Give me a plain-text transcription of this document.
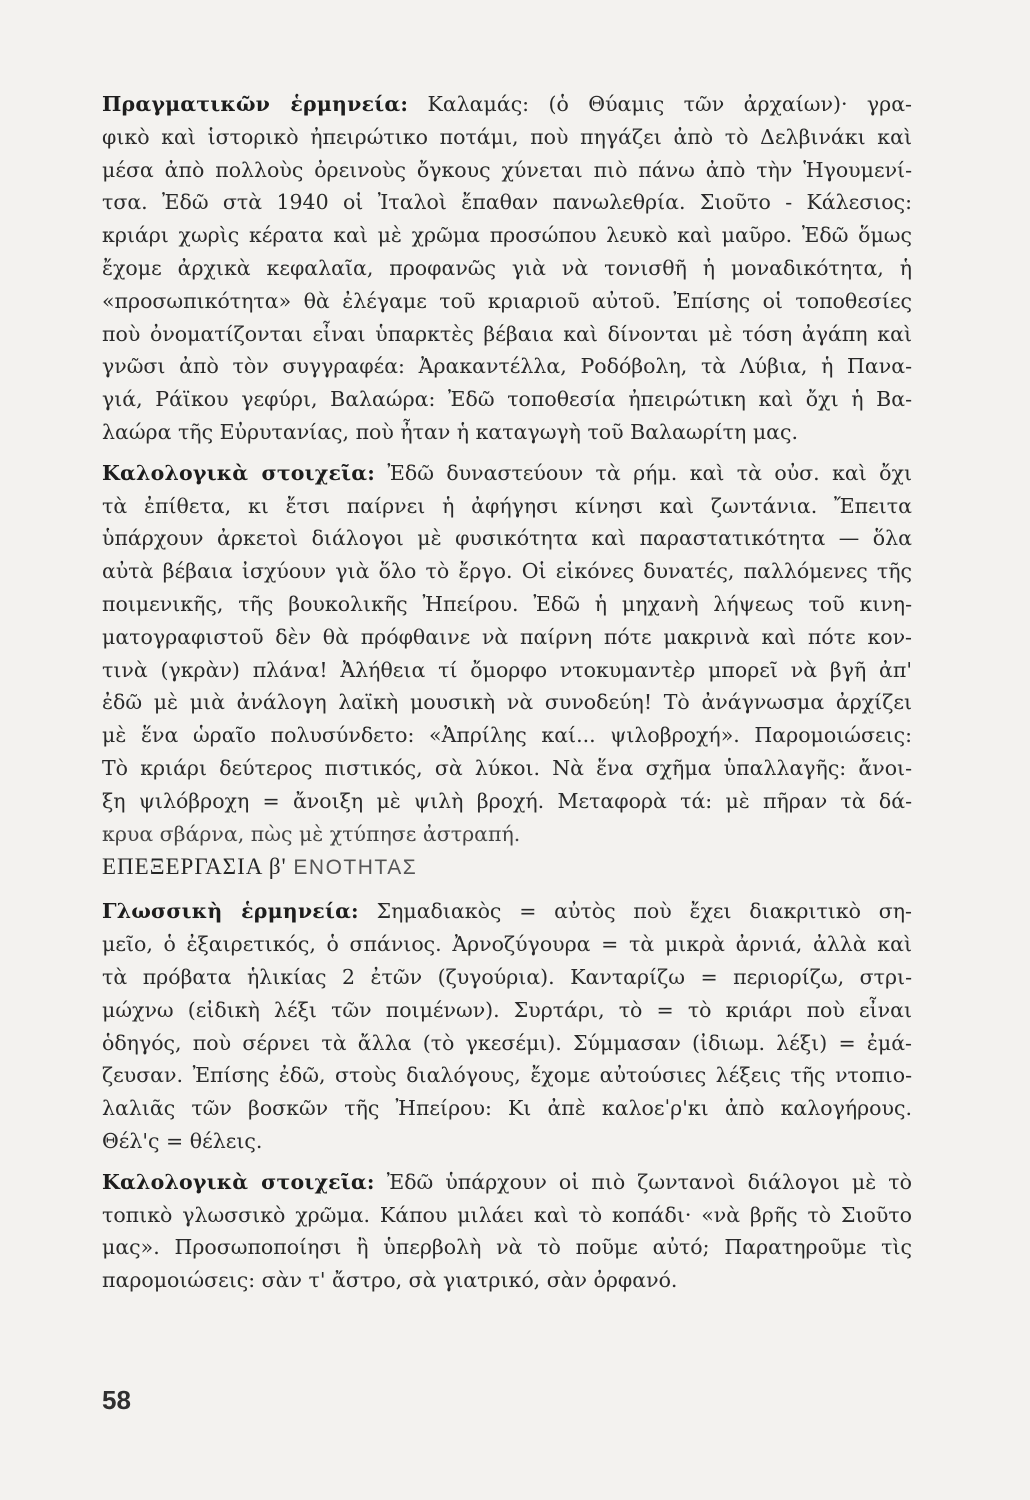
Πραγματικῶν ἑρμηνεία: Καλαμάς: (ὁ Θύαμις τῶν ἀρχαίων)· γρα-
φικὸ καὶ ἱστορικὸ ἠπειρώτικο ποτάμι, ποὺ πηγάζει ἀπὸ τὸ Δελβινάκι καὶ
μέσα ἀπὸ πολλοὺς ὀρεινοὺς ὄγκους χύνεται πιὸ πάνω ἀπὸ τὴν Ἡγουμενί-
τσα. Ἐδῶ στὰ 1940 οἱ Ἰταλοὶ ἔπαθαν πανωλεθρία. Σιοῦτο - Κάλεσιος:
κριάρι χωρὶς κέρατα καὶ μὲ χρῶμα προσώπου λευκὸ καὶ μαῦρο. Ἐδῶ ὅμως
ἔχομε ἀρχικὰ κεφαλαῖα, προφανῶς γιὰ νὰ τονισθῆ ἡ μοναδικότητα, ἡ
«προσωπικότητα» θὰ ἐλέγαμε τοῦ κριαριοῦ αὐτοῦ. Ἐπίσης οἱ τοποθεσίες
ποὺ ὀνοματίζονται εἶναι ὑπαρκτὲς βέβαια καὶ δίνονται μὲ τόση ἀγάπη καὶ
γνῶσι ἀπὸ τὸν συγγραφέα: Ἀρακαντέλλα, Ροδόβολη, τὰ Λύβια, ἡ Πανα-
γιά, Ράϊκου γεφύρι, Βαλαώρα: Ἐδῶ τοποθεσία ἠπειρώτικη καὶ ὄχι ἡ Βα-
λαώρα τῆς Εὐρυτανίας, ποὺ ἦταν ἡ καταγωγὴ τοῦ Βαλαωρίτη μας.

Καλολογικὰ στοιχεῖα: Ἐδῶ δυναστεύουν τὰ ρήμ. καὶ τὰ οὐσ. καὶ ὄχι
τὰ ἐπίθετα, κι ἔτσι παίρνει ἡ ἀφήγησι κίνησι καὶ ζωντάνια. Ἔπειτα
ὑπάρχουν ἀρκετοὶ διάλογοι μὲ φυσικότητα καὶ παραστατικότητα — ὅλα
αὐτὰ βέβαια ἰσχύουν γιὰ ὅλο τὸ ἔργο. Οἱ εἰκόνες δυνατές, παλλόμενες τῆς
ποιμενικῆς, τῆς βουκολικῆς Ἠπείρου. Ἐδῶ ἡ μηχανὴ λήψεως τοῦ κινη-
ματογραφιστοῦ δὲν θὰ πρόφθαινε νὰ παίρνη πότε μακρινὰ καὶ πότε κον-
τινὰ (γκρὰν) πλάνα! Ἀλήθεια τί ὄμορφο ντοκυμαντὲρ μπορεῖ νὰ βγῆ ἀπ'
ἐδῶ μὲ μιὰ ἀνάλογη λαϊκὴ μουσικὴ νὰ συνοδεύη! Τὸ ἀνάγνωσμα ἀρχίζει
μὲ ἕνα ὡραῖο πολυσύνδετο: «Ἀπρίλης καί... ψιλοβροχή». Παρομοιώσεις:
Τὸ κριάρι δεύτερος πιστικός, σὰ λύκοι. Νὰ ἕνα σχῆμα ὑπαλλαγῆς: ἄνοι-
ξη ψιλόβροχη = ἄνοιξη μὲ ψιλὴ βροχή. Μεταφορὰ τά: μὲ πῆραν τὰ δά-
κρυα σβάρνα, πὼς μὲ χτύπησε ἀστραπή.

ΕΠΕΞΕΡΓΑΣΙΑ β' ΕΝΟΤΗΤΑΣ

Γλωσσικὴ ἑρμηνεία: Σημαδιακὸς = αὐτὸς ποὺ ἔχει διακριτικὸ ση-
μεῖο, ὁ ἐξαιρετικός, ὁ σπάνιος. Ἀρνοζύγουρα = τὰ μικρὰ ἀρνιά, ἀλλὰ καὶ
τὰ πρόβατα ἡλικίας 2 ἐτῶν (ζυγούρια). Κανταρίζω = περιορίζω, στρι-
μώχνω (εἰδικὴ λέξι τῶν ποιμένων). Συρτάρι, τὸ = τὸ κριάρι ποὺ εἶναι
ὁδηγός, ποὺ σέρνει τὰ ἄλλα (τὸ γκεσέμι). Σύμμασαν (ἰδιωμ. λέξι) = ἐμά-
ζευσαν. Ἐπίσης ἐδῶ, στοὺς διαλόγους, ἔχομε αὐτούσιες λέξεις τῆς ντοπιο-
λαλιᾶς τῶν βοσκῶν τῆς Ἠπείρου: Κι ἀπὲ καλοεˈρ'κι ἀπὸ καλογήρους.
Θέλ'ς = θέλεις.

Καλολογικὰ στοιχεῖα: Ἐδῶ ὑπάρχουν οἱ πιὸ ζωντανοὶ διάλογοι μὲ τὸ
τοπικὸ γλωσσικὸ χρῶμα. Κάπου μιλάει καὶ τὸ κοπάδι· «νὰ βρῆς τὸ Σιοῦτο
μας». Προσωποποίησι ἢ ὑπερβολὴ νὰ τὸ ποῦμε αὐτό; Παρατηροῦμε τὶς
παρομοιώσεις: σὰν τ' ἄστρο, σὰ γιατρικό, σὰν ὀρφανό.

58
